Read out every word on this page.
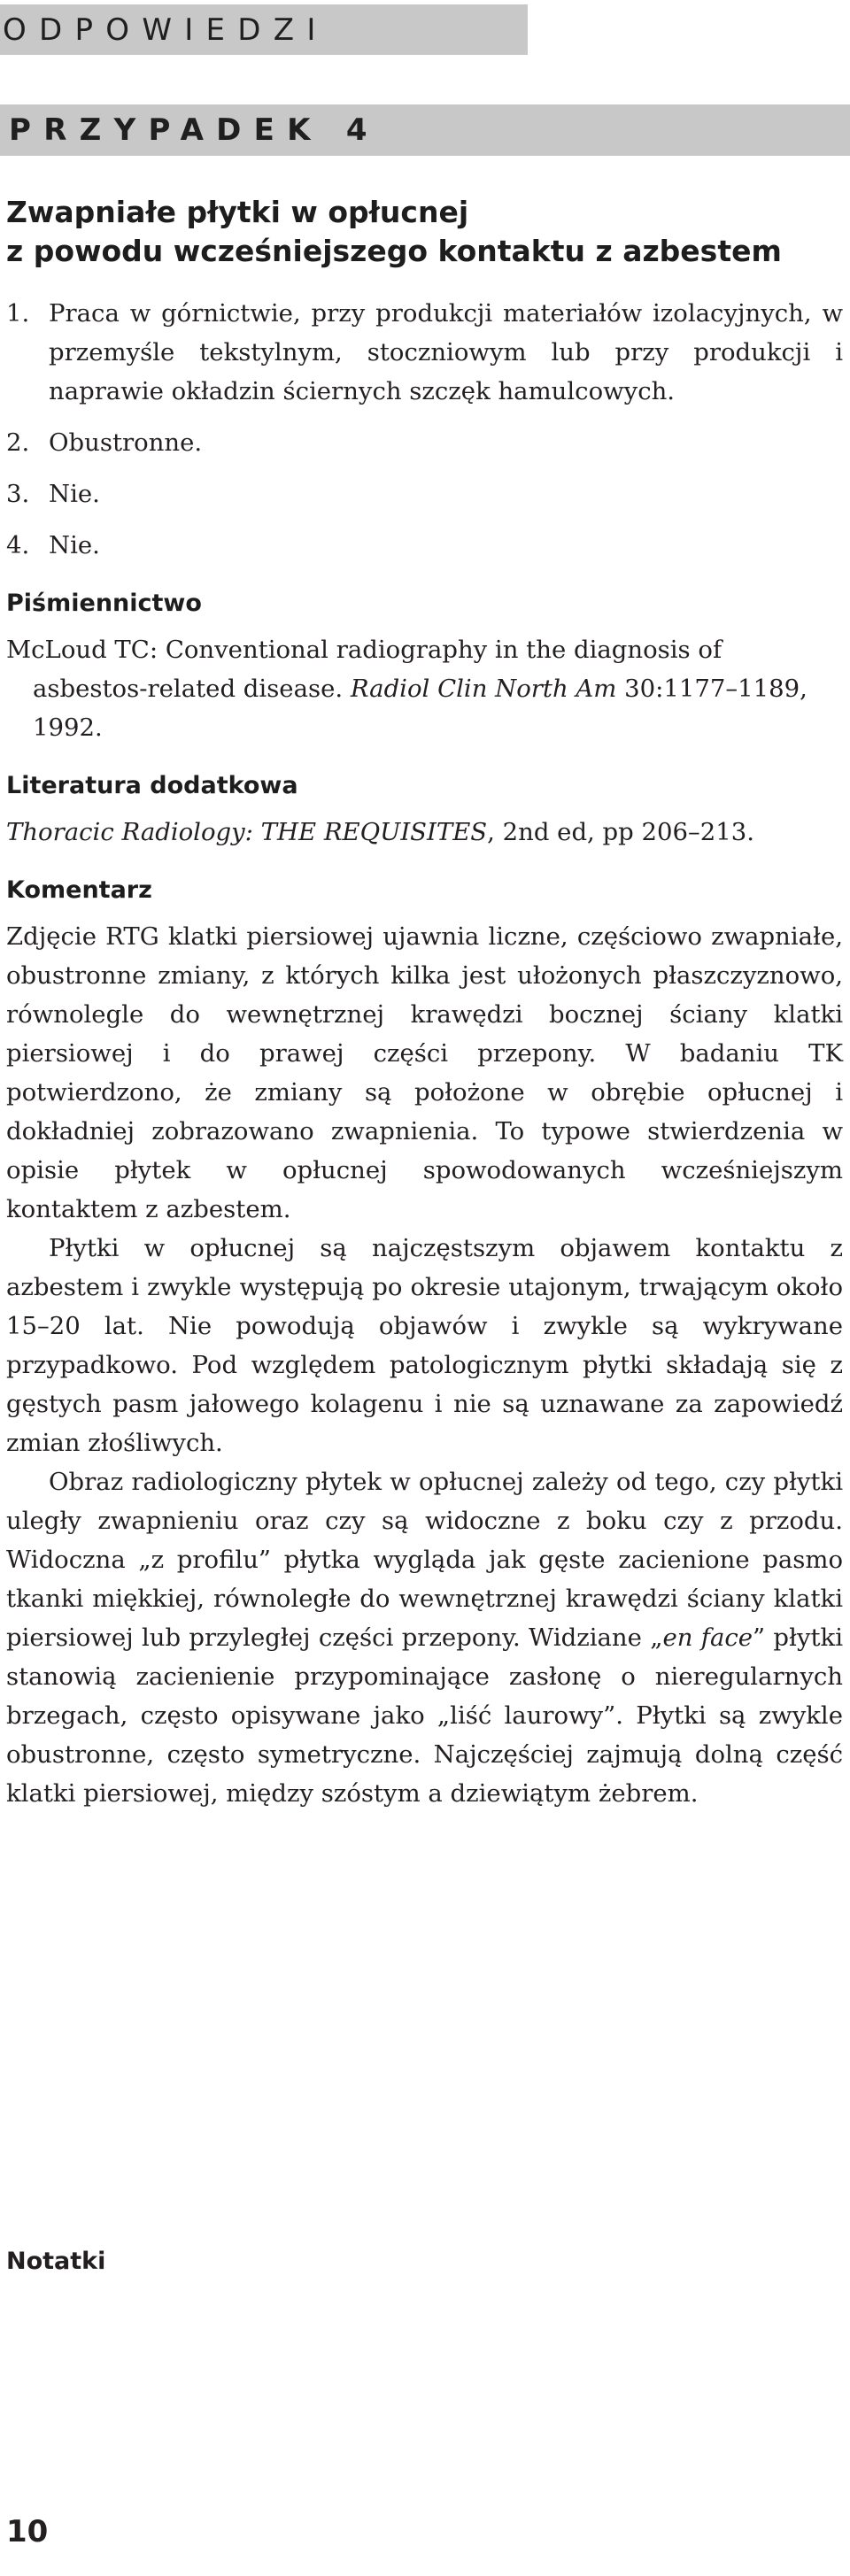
ODPOWIEDZI
PRZYPADEK 4
Zwapniałe płytki w opłucnej
z powodu wcześniejszego kontaktu z azbestem
1. Praca w górnictwie, przy produkcji materiałów izolacyjnych, w przemyśle tekstylnym, stoczniowym lub przy produkcji i naprawie okładzin ściernych szczęk hamulcowych.
2. Obustronne.
3. Nie.
4. Nie.
Piśmiennictwo

McLoud TC: Conventional radiography in the diagnosis of asbestos-related disease. Radiol Clin North Am 30:1177–1189, 1992.

Literatura dodatkowa

Thoracic Radiology: THE REQUISITES, 2nd ed, pp 206–213.

Komentarz

Zdjęcie RTG klatki piersiowej ujawnia liczne, częściowo zwapniałe, obustronne zmiany, z których kilka jest ułożonych płaszczyznowo, równolegle do wewnętrznej krawędzi bocznej ściany klatki piersiowej i do prawej części przepony. W badaniu TK potwierdzono, że zmiany są położone w obrębie opłucnej i dokładniej zobrazowano zwapnienia. To typowe stwierdzenia w opisie płytek w opłucnej spowodowanych wcześniejszym kontaktem z azbestem.

Płytki w opłucnej są najczęstszym objawem kontaktu z azbestem i zwykle występują po okresie utajonym, trwającym około 15–20 lat. Nie powodują objawów i zwykle są wykrywane przypadkowo. Pod względem patologicznym płytki składają się z gęstych pasm jałowego kolagenu i nie są uznawane za zapowiedź zmian złośliwych.

Obraz radiologiczny płytek w opłucnej zależy od tego, czy płytki uległy zwapnieniu oraz czy są widoczne z boku czy z przodu. Widoczna „z profilu” płytka wygląda jak gęste zacienione pasmo tkanki miękkiej, równoległe do wewnętrznej krawędzi ściany klatki piersiowej lub przyległej części przepony. Widziane „en face” płytki stanowią zacienienie przypominające zasłonę o nieregularnych brzegach, często opisywane jako „liść laurowy”. Płytki są zwykle obustronne, często symetryczne. Najczęściej zajmują dolną część klatki piersiowej, między szóstym a dziewiątym żebrem.

Notatki
10
